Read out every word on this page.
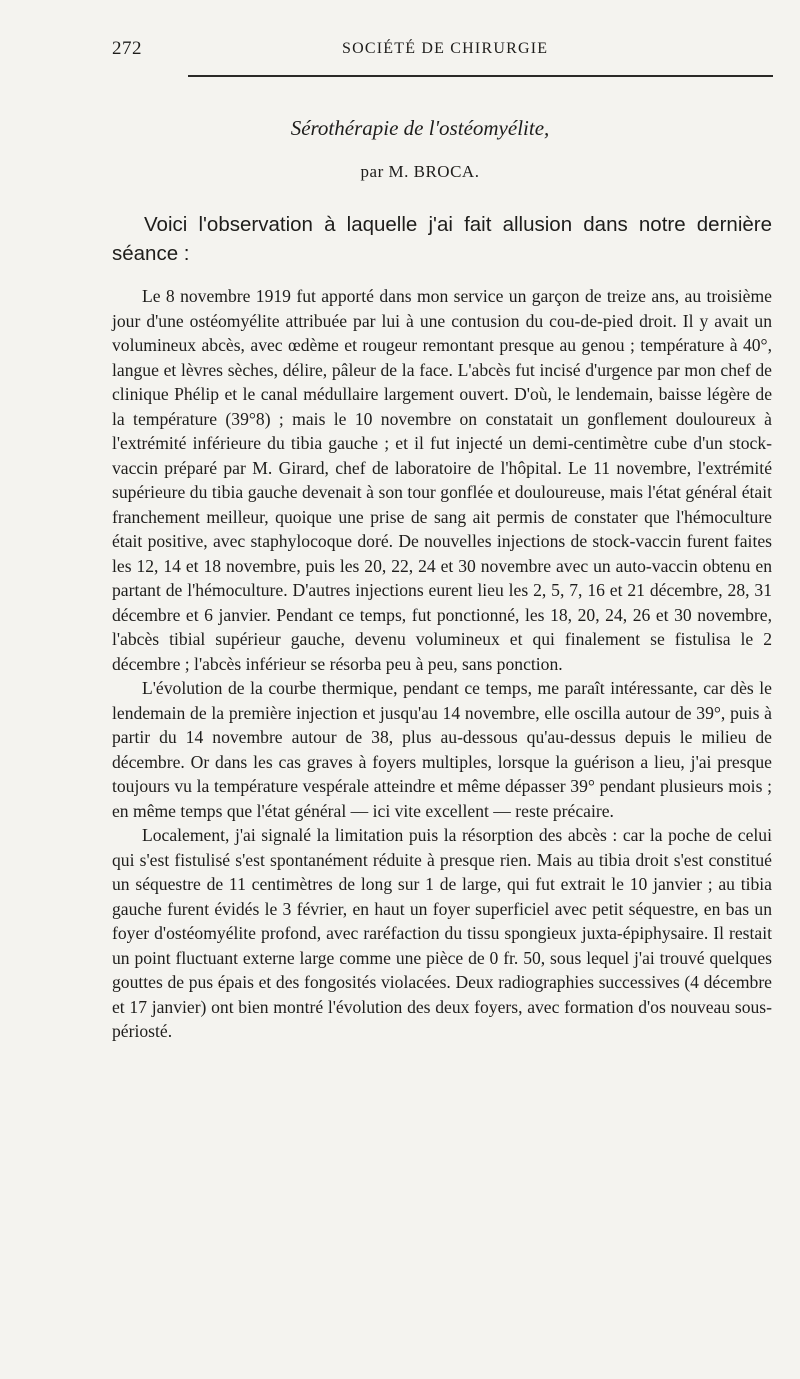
272	SOCIÉTÉ DE CHIRURGIE
Sérothérapie de l'ostéomyélite,
par M. BROCA.
Voici l'observation à laquelle j'ai fait allusion dans notre dernière séance :

Le 8 novembre 1919 fut apporté dans mon service un garçon de treize ans, au troisième jour d'une ostéomyélite attribuée par lui à une contusion du cou-de-pied droit. Il y avait un volumineux abcès, avec œdème et rougeur remontant presque au genou ; température à 40°, langue et lèvres sèches, délire, pâleur de la face. L'abcès fut incisé d'urgence par mon chef de clinique Phélip et le canal médullaire largement ouvert. D'où, le lendemain, baisse légère de la température (39°8) ; mais le 10 novembre on constatait un gonflement douloureux à l'extrémité inférieure du tibia gauche ; et il fut injecté un demi-centimètre cube d'un stock-vaccin préparé par M. Girard, chef de laboratoire de l'hôpital. Le 11 novembre, l'extrémité supérieure du tibia gauche devenait à son tour gonflée et douloureuse, mais l'état général était franchement meilleur, quoique une prise de sang ait permis de constater que l'hémoculture était positive, avec staphylocoque doré. De nouvelles injections de stock-vaccin furent faites les 12, 14 et 18 novembre, puis les 20, 22, 24 et 30 novembre avec un auto-vaccin obtenu en partant de l'hémoculture. D'autres injections eurent lieu les 2, 5, 7, 16 et 21 décembre, 28, 31 décembre et 6 janvier. Pendant ce temps, fut ponctionné, les 18, 20, 24, 26 et 30 novembre, l'abcès tibial supérieur gauche, devenu volumineux et qui finalement se fistulisa le 2 décembre ; l'abcès inférieur se résorba peu à peu, sans ponction.

L'évolution de la courbe thermique, pendant ce temps, me paraît intéressante, car dès le lendemain de la première injection et jusqu'au 14 novembre, elle oscilla autour de 39°, puis à partir du 14 novembre autour de 38, plus au-dessous qu'au-dessus depuis le milieu de décembre. Or dans les cas graves à foyers multiples, lorsque la guérison a lieu, j'ai presque toujours vu la température vespérale atteindre et même dépasser 39° pendant plusieurs mois ; en même temps que l'état général — ici vite excellent — reste précaire.

Localement, j'ai signalé la limitation puis la résorption des abcès : car la poche de celui qui s'est fistulisé s'est spontanément réduite à presque rien. Mais au tibia droit s'est constitué un séquestre de 11 centimètres de long sur 1 de large, qui fut extrait le 10 janvier ; au tibia gauche furent évidés le 3 février, en haut un foyer superficiel avec petit séquestre, en bas un foyer d'ostéomyélite profond, avec raréfaction du tissu spongieux juxta-épiphysaire. Il restait un point fluctuant externe large comme une pièce de 0 fr. 50, sous lequel j'ai trouvé quelques gouttes de pus épais et des fongosités violacées. Deux radiographies successives (4 décembre et 17 janvier) ont bien montré l'évolution des deux foyers, avec formation d'os nouveau sous-périosté.
